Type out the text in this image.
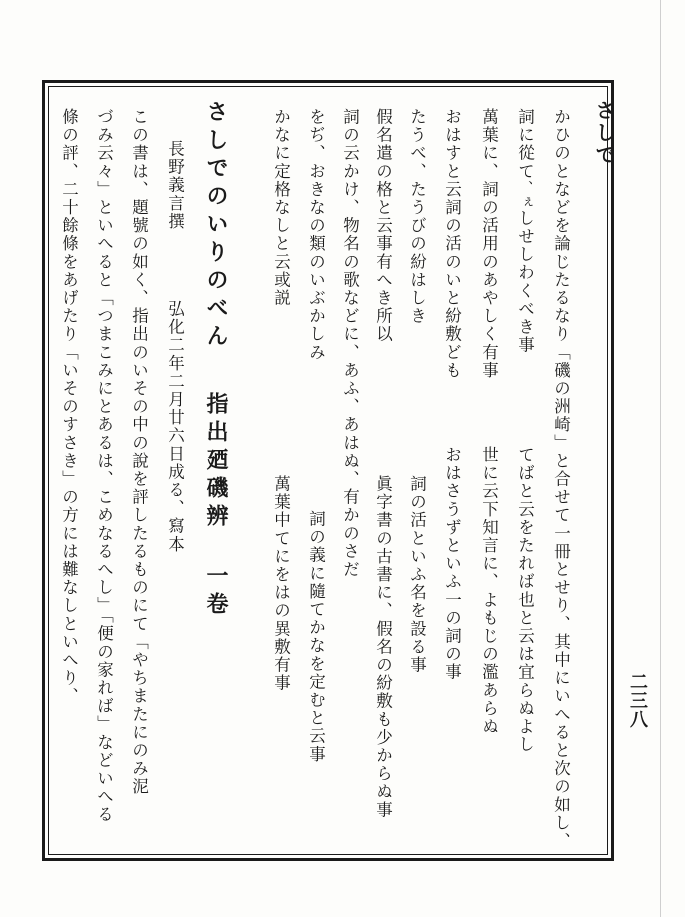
さしで
二三八
かひのとなどを論じたるなり「磯の洲崎」と合せて一冊とせり、其中にいへると次の如し、
詞に從て、ぇしせしわくべき事
萬葉に、詞の活用のあやしく有事
おはすと云詞の活のいと紛敷ども
たうべ、たうびの紛はしき
假名遣の格と云事有へき所以
詞の云かけ、物名の歌などに、あふ、あはぬ、有かのさだ
をぢ、おきなの類のいぶかしみ
かなに定格なしと云或説
てばと云をたれば也と云は宜らぬよし
世に云下知言に、よもじの濫あらぬ
おはさうずといふ一の詞の事
詞の活といふ名を設る事
眞字書の古書に、假名の紛敷も少からぬ事
詞の義に隨てかなを定むと云事
萬葉中てにをはの異敷有事
さしでのいりのべん
指出廼磯辨 一卷
長野義言撰
弘化二年二月廿六日成る、寫本
この書は、題號の如く、指出のいその中の說を評したるものにて「やちまたにのみ泥
づみ云々」といへると「つまこみにとあるは、こめなるへし」「便の家れば」などいへる
條の評、二十餘條をあげたり「いそのすさき」の方には難なしといへり、
